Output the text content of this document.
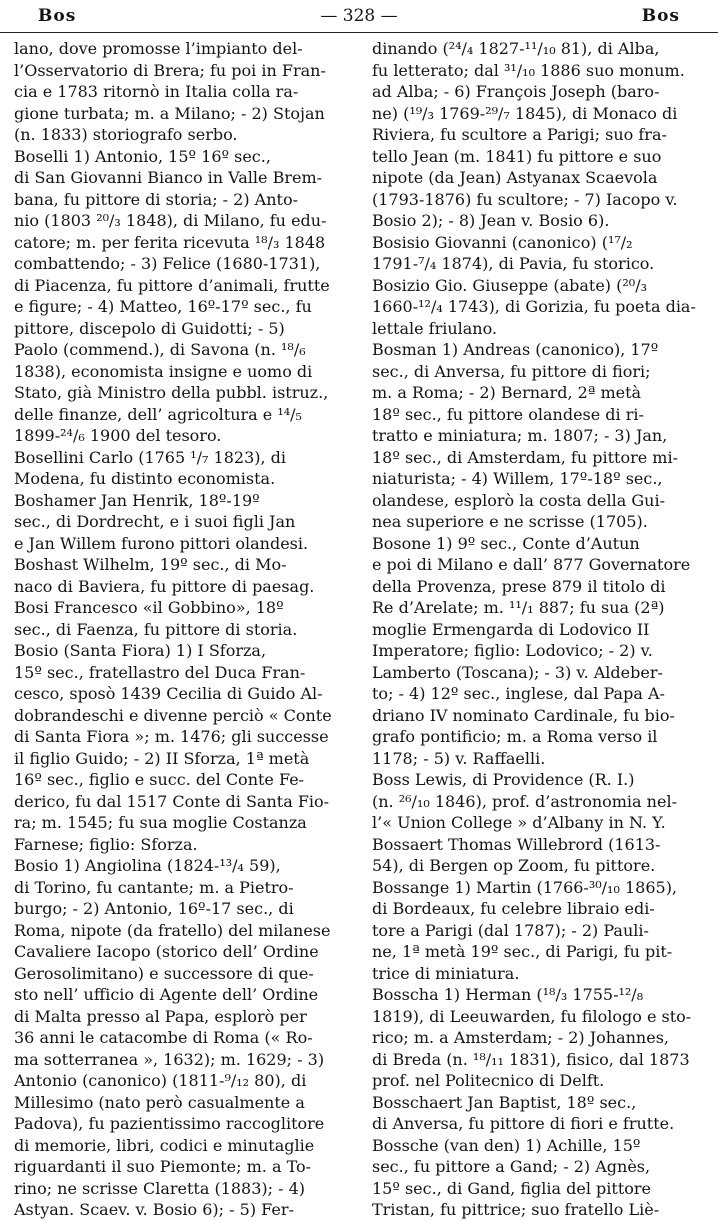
Bos	— 328 —	Bos
lano, dove promosse l’impianto del-
l’Osservatorio di Brera; fu poi in Fran-
cia e 1783 ritornò in Italia colla ra-
gione turbata; m. a Milano; - 2) Stojan
(n. 1833) storiografo serbo.
Boselli 1) Antonio, 15º 16º sec.,
di San Giovanni Bianco in Valle Brem-
bana, fu pittore di storia; - 2) Anto-
nio (1803 ²⁰/₃ 1848), di Milano, fu edu-
catore; m. per ferita ricevuta ¹⁸/₃ 1848
combattendo; - 3) Felice (1680-1731),
di Piacenza, fu pittore d’animali, frutte
e figure; - 4) Matteo, 16º-17º sec., fu
pittore, discepolo di Guidotti; - 5)
Paolo (commend.), di Savona (n. ¹⁸/₆
1838), economista insigne e uomo di
Stato, già Ministro della pubbl. istruz.,
delle finanze, dell’ agricoltura e ¹⁴/₅
1899-²⁴/₆ 1900 del tesoro.
Bosellini Carlo (1765 ¹/₇ 1823), di
Modena, fu distinto economista.
Boshamer Jan Henrik, 18º-19º
sec., di Dordrecht, e i suoi figli Jan
e Jan Willem furono pittori olandesi.
Boshast Wilhelm, 19º sec., di Mo-
naco di Baviera, fu pittore di paesag.
Bosi Francesco «il Gobbino», 18º
sec., di Faenza, fu pittore di storia.
Bosio (Santa Fiora) 1) I Sforza,
15º sec., fratellastro del Duca Fran-
cesco, sposò 1439 Cecilia di Guido Al-
dobrandeschi e divenne perciò « Conte
di Santa Fiora »; m. 1476; gli successe
il figlio Guido; - 2) II Sforza, 1ª metà
16º sec., figlio e succ. del Conte Fe-
derico, fu dal 1517 Conte di Santa Fio-
ra; m. 1545; fu sua moglie Costanza
Farnese; figlio: Sforza.
Bosio 1) Angiolina (1824-¹³/₄ 59),
di Torino, fu cantante; m. a Pietro-
burgo; - 2) Antonio, 16º-17 sec., di
Roma, nipote (da fratello) del milanese
Cavaliere Iacopo (storico dell’ Ordine
Gerosolimitano) e successore di que-
sto nell’ ufficio di Agente dell’ Ordine
di Malta presso al Papa, esplorò per
36 anni le catacombe di Roma (« Ro-
ma sotterranea », 1632); m. 1629; - 3)
Antonio (canonico) (1811-⁹/₁₂ 80), di
Millesimo (nato però casualmente a
Padova), fu pazientissimo raccoglitore
di memorie, libri, codici e minutaglie
riguardanti il suo Piemonte; m. a To-
rino; ne scrisse Claretta (1883); - 4)
Astyan. Scaev. v. Bosio 6); - 5) Fer-
dinando (²⁴/₄ 1827-¹¹/₁₀ 81), di Alba,
fu letterato; dal ³¹/₁₀ 1886 suo monum.
ad Alba; - 6) François Joseph (baro-
ne) (¹⁹/₃ 1769-²⁹/₇ 1845), di Monaco di
Riviera, fu scultore a Parigi; suo fra-
tello Jean (m. 1841) fu pittore e suo
nipote (da Jean) Astyanax Scaevola
(1793-1876) fu scultore; - 7) Iacopo v.
Bosio 2); - 8) Jean v. Bosio 6).
Bosisio Giovanni (canonico) (¹⁷/₂
1791-⁷/₄ 1874), di Pavia, fu storico.
Bosizio Gio. Giuseppe (abate) (²⁰/₃
1660-¹²/₄ 1743), di Gorizia, fu poeta dia-
lettale friulano.
Bosman 1) Andreas (canonico), 17º
sec., di Anversa, fu pittore di fiori;
m. a Roma; - 2) Bernard, 2ª metà
18º sec., fu pittore olandese di ri-
tratto e miniatura; m. 1807; - 3) Jan,
18º sec., di Amsterdam, fu pittore mi-
niaturista; - 4) Willem, 17º-18º sec.,
olandese, esplorò la costa della Gui-
nea superiore e ne scrisse (1705).
Bosone 1) 9º sec., Conte d’Autun
e poi di Milano e dall’ 877 Governatore
della Provenza, prese 879 il titolo di
Re d’Arelate; m. ¹¹/₁ 887; fu sua (2ª)
moglie Ermengarda di Lodovico II
Imperatore; figlio: Lodovico; - 2) v.
Lamberto (Toscana); - 3) v. Aldeber-
to; - 4) 12º sec., inglese, dal Papa A-
driano IV nominato Cardinale, fu bio-
grafo pontificio; m. a Roma verso il
1178; - 5) v. Raffaelli.
Boss Lewis, di Providence (R. I.)
(n. ²⁶/₁₀ 1846), prof. d’astronomia nel-
l’« Union College » d’Albany in N. Y.
Bossaert Thomas Willebrord (1613-
54), di Bergen op Zoom, fu pittore.
Bossange 1) Martin (1766-³⁰/₁₀ 1865),
di Bordeaux, fu celebre libraio edi-
tore a Parigi (dal 1787); - 2) Pauli-
ne, 1ª metà 19º sec., di Parigi, fu pit-
trice di miniatura.
Bosscha 1) Herman (¹⁸/₃ 1755-¹²/₈
1819), di Leeuwarden, fu filologo e sto-
rico; m. a Amsterdam; - 2) Johannes,
di Breda (n. ¹⁸/₁₁ 1831), fisico, dal 1873
prof. nel Politecnico di Delft.
Bosschaert Jan Baptist, 18º sec.,
di Anversa, fu pittore di fiori e frutte.
Bossche (van den) 1) Achille, 15º
sec., fu pittore a Gand; - 2) Agnès,
15º sec., di Gand, figlia del pittore
Tristan, fu pittrice; suo fratello Liè-
